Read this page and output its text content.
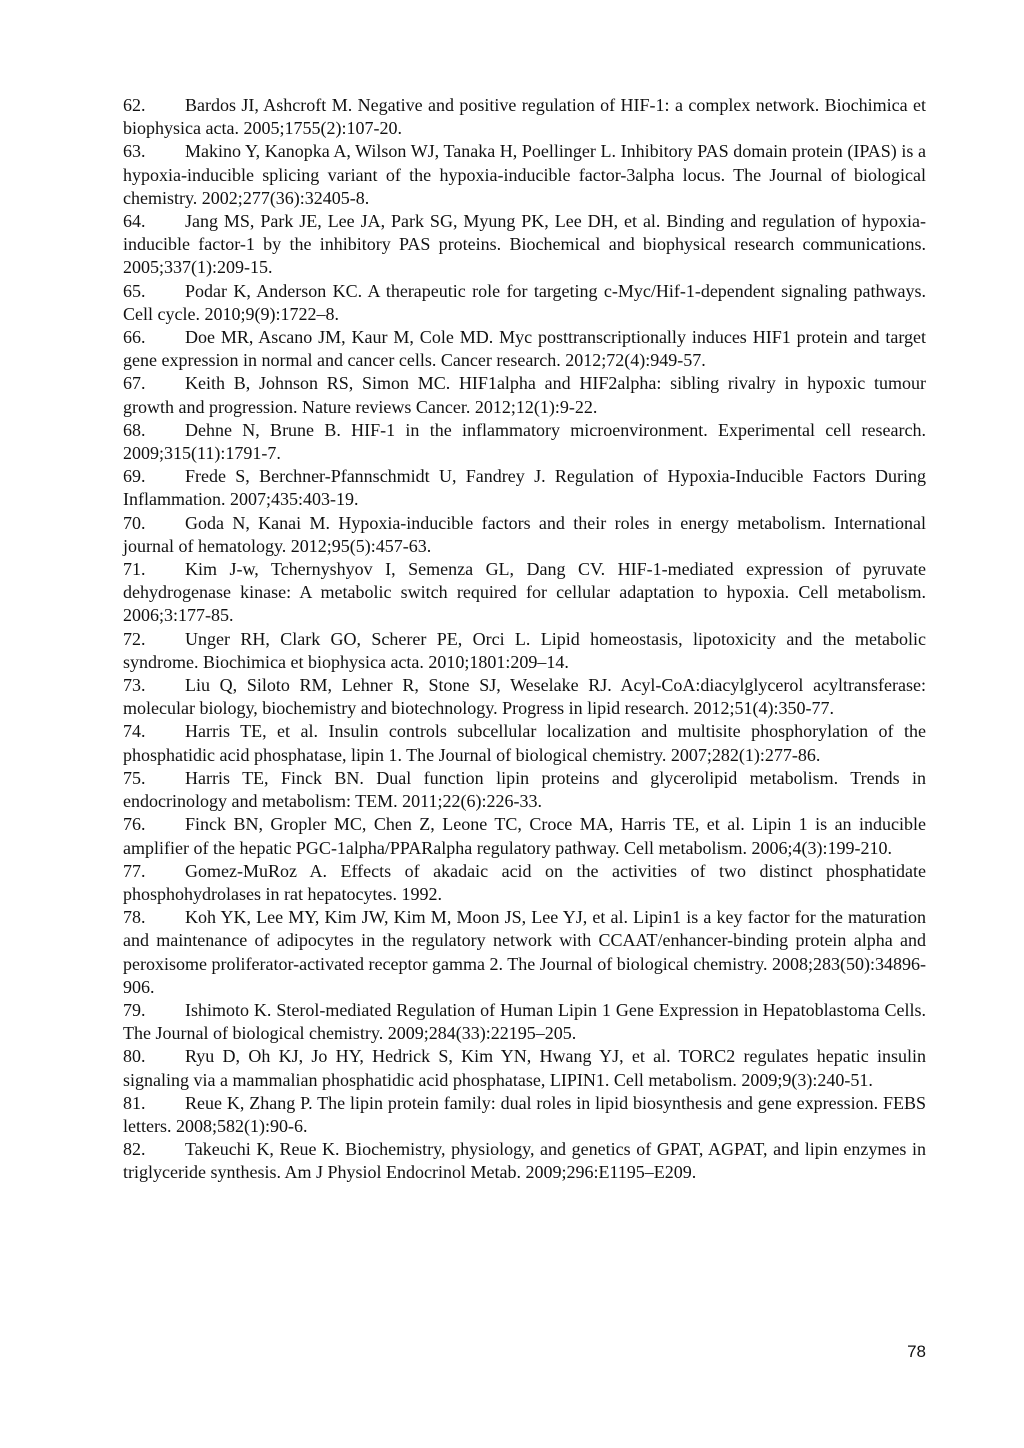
62. Bardos JI, Ashcroft M. Negative and positive regulation of HIF-1: a complex network. Biochimica et biophysica acta. 2005;1755(2):107-20.

63. Makino Y, Kanopka A, Wilson WJ, Tanaka H, Poellinger L. Inhibitory PAS domain protein (IPAS) is a hypoxia-inducible splicing variant of the hypoxia-inducible factor-3alpha locus. The Journal of biological chemistry. 2002;277(36):32405-8.

64. Jang MS, Park JE, Lee JA, Park SG, Myung PK, Lee DH, et al. Binding and regulation of hypoxia-inducible factor-1 by the inhibitory PAS proteins. Biochemical and biophysical research communications. 2005;337(1):209-15.

65. Podar K, Anderson KC. A therapeutic role for targeting c-Myc/Hif-1-dependent signaling pathways. Cell cycle. 2010;9(9):1722–8.

66. Doe MR, Ascano JM, Kaur M, Cole MD. Myc posttranscriptionally induces HIF1 protein and target gene expression in normal and cancer cells. Cancer research. 2012;72(4):949-57.

67. Keith B, Johnson RS, Simon MC. HIF1alpha and HIF2alpha: sibling rivalry in hypoxic tumour growth and progression. Nature reviews Cancer. 2012;12(1):9-22.

68. Dehne N, Brune B. HIF-1 in the inflammatory microenvironment. Experimental cell research. 2009;315(11):1791-7.

69. Frede S, Berchner-Pfannschmidt U, Fandrey J. Regulation of Hypoxia-Inducible Factors During Inflammation. 2007;435:403-19.

70. Goda N, Kanai M. Hypoxia-inducible factors and their roles in energy metabolism. International journal of hematology. 2012;95(5):457-63.

71. Kim J-w, Tchernyshyov I, Semenza GL, Dang CV. HIF-1-mediated expression of pyruvate dehydrogenase kinase: A metabolic switch required for cellular adaptation to hypoxia. Cell metabolism. 2006;3:177-85.

72. Unger RH, Clark GO, Scherer PE, Orci L. Lipid homeostasis, lipotoxicity and the metabolic syndrome. Biochimica et biophysica acta. 2010;1801:209–14.

73. Liu Q, Siloto RM, Lehner R, Stone SJ, Weselake RJ. Acyl-CoA:diacylglycerol acyltransferase: molecular biology, biochemistry and biotechnology. Progress in lipid research. 2012;51(4):350-77.

74. Harris TE, et al. Insulin controls subcellular localization and multisite phosphorylation of the phosphatidic acid phosphatase, lipin 1. The Journal of biological chemistry. 2007;282(1):277-86.

75. Harris TE, Finck BN. Dual function lipin proteins and glycerolipid metabolism. Trends in endocrinology and metabolism: TEM. 2011;22(6):226-33.

76. Finck BN, Gropler MC, Chen Z, Leone TC, Croce MA, Harris TE, et al. Lipin 1 is an inducible amplifier of the hepatic PGC-1alpha/PPARalpha regulatory pathway. Cell metabolism. 2006;4(3):199-210.

77. Gomez-MuRoz A. Effects of akadaic acid on the activities of two distinct phosphatidate phosphohydrolases in rat hepatocytes. 1992.

78. Koh YK, Lee MY, Kim JW, Kim M, Moon JS, Lee YJ, et al. Lipin1 is a key factor for the maturation and maintenance of adipocytes in the regulatory network with CCAAT/enhancer-binding protein alpha and peroxisome proliferator-activated receptor gamma 2. The Journal of biological chemistry. 2008;283(50):34896-906.

79. Ishimoto K. Sterol-mediated Regulation of Human Lipin 1 Gene Expression in Hepatoblastoma Cells. The Journal of biological chemistry. 2009;284(33):22195–205.

80. Ryu D, Oh KJ, Jo HY, Hedrick S, Kim YN, Hwang YJ, et al. TORC2 regulates hepatic insulin signaling via a mammalian phosphatidic acid phosphatase, LIPIN1. Cell metabolism. 2009;9(3):240-51.

81. Reue K, Zhang P. The lipin protein family: dual roles in lipid biosynthesis and gene expression. FEBS letters. 2008;582(1):90-6.

82. Takeuchi K, Reue K. Biochemistry, physiology, and genetics of GPAT, AGPAT, and lipin enzymes in triglyceride synthesis. Am J Physiol Endocrinol Metab. 2009;296:E1195–E209.

78
